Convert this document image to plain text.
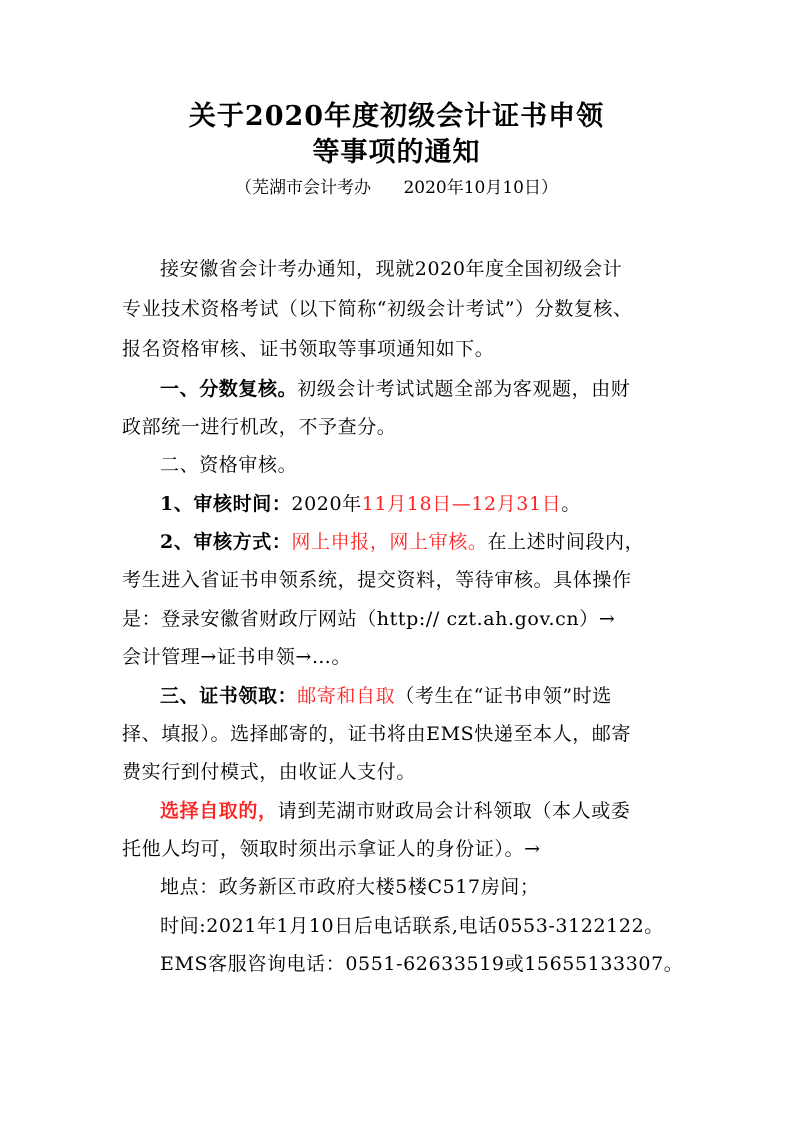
关于2020年度初级会计证书申领
等事项的通知
（芜湖市会计考办      2020年10月10日）
接安徽省会计考办通知，现就2020年度全国初级会计
专业技术资格考试（以下简称“初级会计考试”）分数复核、
报名资格审核、证书领取等事项通知如下。
一、分数复核。初级会计考试试题全部为客观题，由财
政部统一进行机改，不予查分。
二、资格审核。
1、审核时间：2020年11月18日—12月31日。
2、审核方式：网上申报，网上审核。在上述时间段内，
考生进入省证书申领系统，提交资料，等待审核。具体操作
是：登录安徽省财政厅网站（http:// czt.ah.gov.cn）→
会计管理→证书申领→…。
三、证书领取：邮寄和自取（考生在“证书申领”时选
择、填报）。选择邮寄的，证书将由EMS快递至本人，邮寄
费实行到付模式，由收证人支付。
选择自取的，请到芜湖市财政局会计科领取（本人或委
托他人均可，领取时须出示拿证人的身份证）。→
地点：政务新区市政府大楼5楼C517房间；
时间:2021年1月10日后电话联系,电话0553-3122122。
EMS客服咨询电话：0551-62633519或15655133307。
